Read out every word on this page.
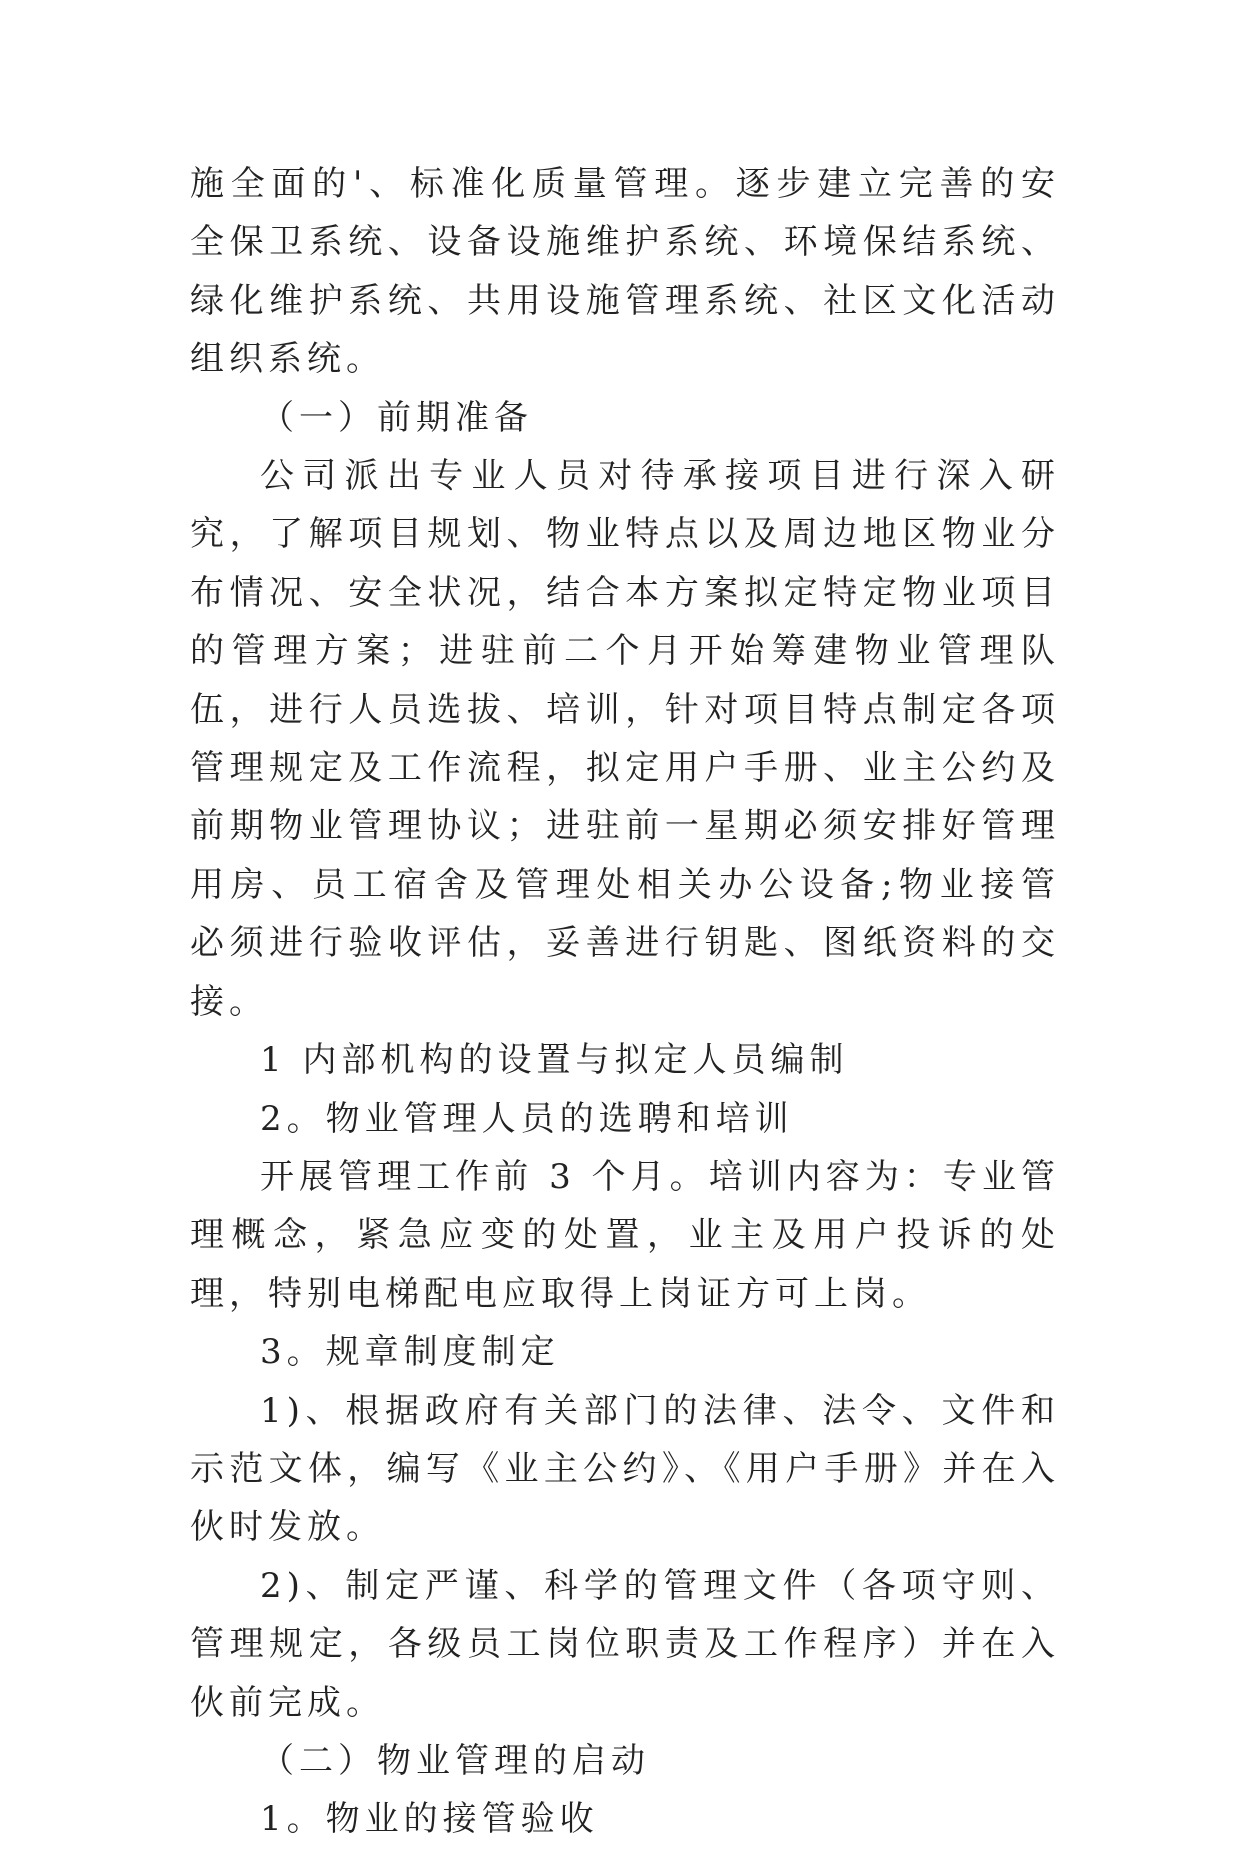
施全面的'、标准化质量管理。逐步建立完善的安全保卫系统、设备设施维护系统、环境保结系统、绿化维护系统、共用设施管理系统、社区文化活动组织系统。

（一）前期准备

公司派出专业人员对待承接项目进行深入研究，了解项目规划、物业特点以及周边地区物业分布情况、安全状况，结合本方案拟定特定物业项目的管理方案；进驻前二个月开始筹建物业管理队伍，进行人员选拔、培训，针对项目特点制定各项管理规定及工作流程，拟定用户手册、业主公约及前期物业管理协议；进驻前一星期必须安排好管理用房、员工宿舍及管理处相关办公设备;物业接管必须进行验收评估，妥善进行钥匙、图纸资料的交接。

1 内部机构的设置与拟定人员编制

2。物业管理人员的选聘和培训

开展管理工作前 3 个月。培训内容为：专业管理概念，紧急应变的处置，业主及用户投诉的处理，特别电梯配电应取得上岗证方可上岗。

3。规章制度制定

1)、根据政府有关部门的法律、法令、文件和示范文体，编写《业主公约》、《用户手册》并在入伙时发放。

2)、制定严谨、科学的管理文件（各项守则、管理规定，各级员工岗位职责及工作程序）并在入伙前完成。

（二）物业管理的启动

1。物业的接管验收
